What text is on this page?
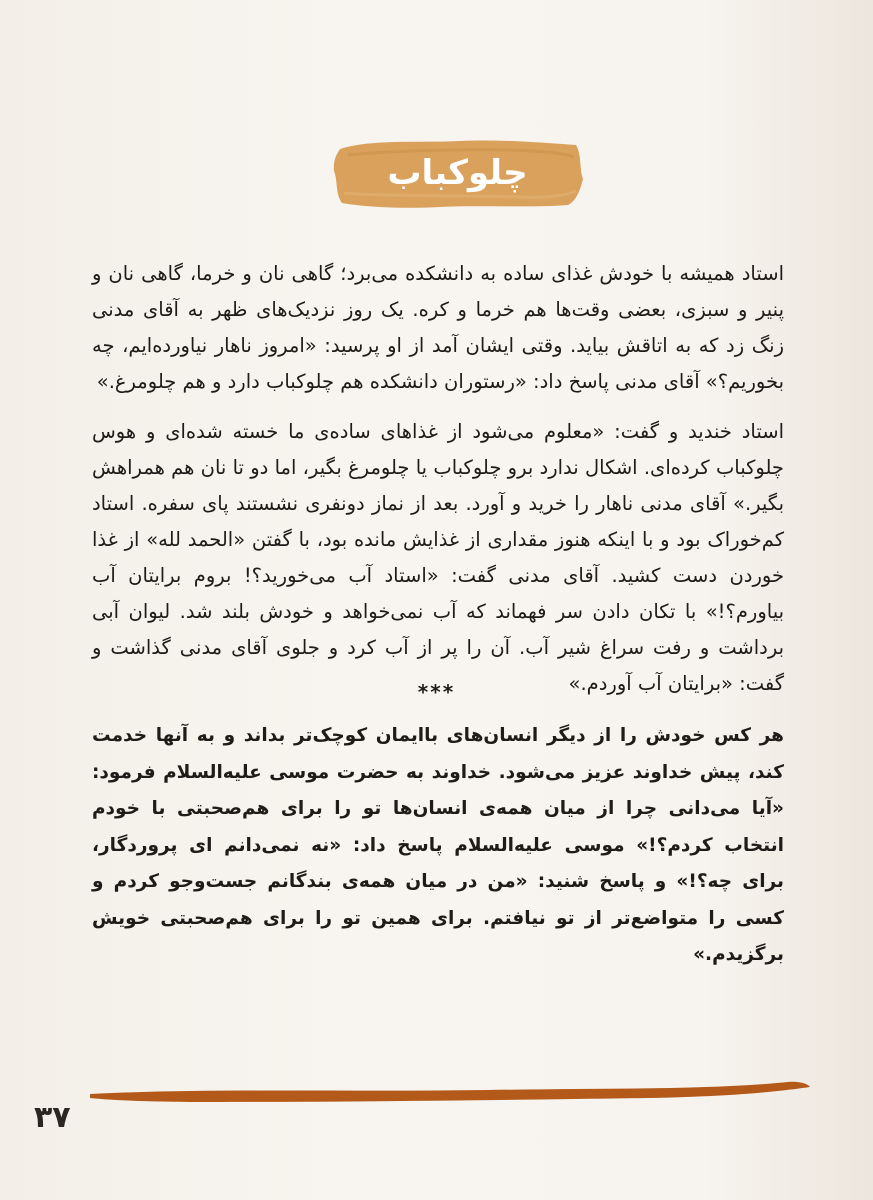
چلوکباب
استاد همیشه با خودش غذای ساده به دانشکده می‌برد؛ گاهی نان و خرما، گاهی نان و پنیر و سبزی، بعضی وقت‌ها هم خرما و کره. یک روز نزدیک‌های ظهر به آقای مدنی زنگ زد که به اتاقش بیاید. وقتی ایشان آمد از او پرسید: «امروز ناهار نیاورده‌ایم، چه بخوریم؟» آقای مدنی پاسخ داد: «رستوران دانشکده هم چلوکباب دارد و هم چلومرغ.»
استاد خندید و گفت: «معلوم می‌شود از غذاهای ساده‌ی ما خسته شده‌ای و هوس چلوکباب کرده‌ای. اشکال ندارد برو چلوکباب یا چلومرغ بگیر، اما دو تا نان هم همراهش بگیر.» آقای مدنی ناهار را خرید و آورد. بعد از نماز دونفری نشستند پای سفره. استاد کم‌خوراک بود و با اینکه هنوز مقداری از غذایش مانده بود، با گفتن «الحمد لله» از غذا خوردن دست کشید. آقای مدنی گفت: «استاد آب می‌خورید؟! بروم برایتان آب بیاورم؟!» با تکان دادن سر فهماند که آب نمی‌خواهد و خودش بلند شد. لیوان آبی برداشت و رفت سراغ شیر آب. آن را پر از آب کرد و جلوی آقای مدنی گذاشت و گفت: «برایتان آب آوردم.»
***
هر کس خودش را از دیگر انسان‌های باایمان کوچک‌تر بداند و به آنها خدمت کند، پیش خداوند عزیز می‌شود. خداوند به حضرت موسی علیه‌السلام فرمود: «آیا می‌دانی چرا از میان همه‌ی انسان‌ها تو را برای هم‌صحبتی با خودم انتخاب کردم؟!» موسی علیه‌السلام پاسخ داد: «نه نمی‌دانم ای پروردگار، برای چه؟!» و پاسخ شنید: «من در میان همه‌ی بندگانم جست‌وجو کردم و کسی را متواضع‌تر از تو نیافتم. برای همین تو را برای هم‌صحبتی خویش برگزیدم.»
۳۷
